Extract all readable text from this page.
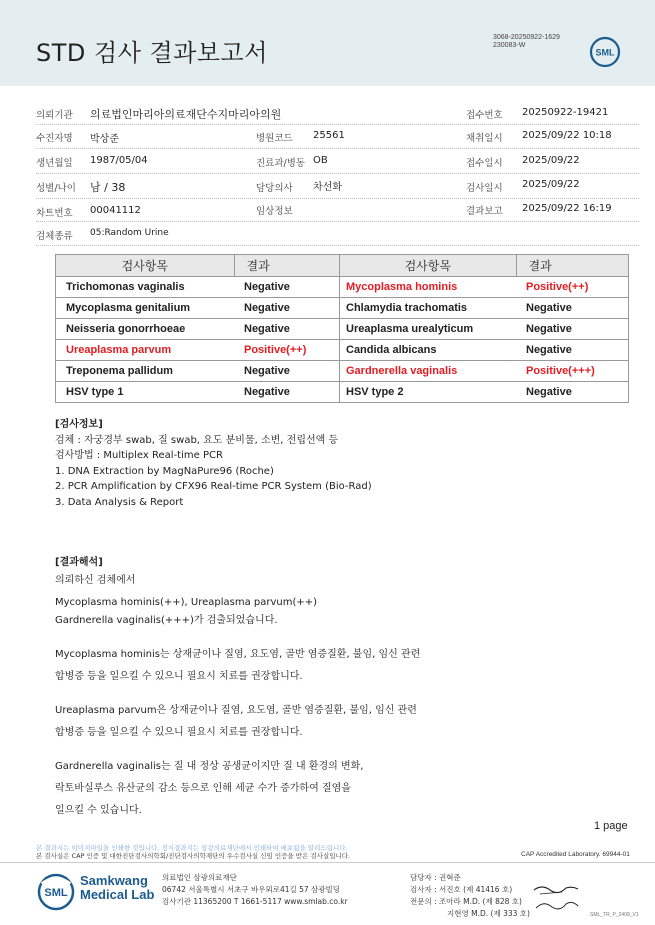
STD 검사 결과보고서
3068-20250922-1629
230083-W
SML
의뢰기관 의료법인마리아의료재단수지마리아의원	접수번호 20250922-19421
수진자명 박상준	병원코드 25561	채취일시 2025/09/22 10:18
생년월일 1987/05/04	진료과/병동 OB	접수일시 2025/09/22
성별/나이 남 / 38	담당의사 차선화	검사일시 2025/09/22
차트번호 00041112	임상정보	결과보고 2025/09/22 16:19
검체종류 05:Random Urine
검사항목	결과	검사항목	결과
Trichomonas vaginalis	Negative	Mycoplasma hominis	Positive(++)
Mycoplasma genitalium	Negative	Chlamydia trachomatis	Negative
Neisseria gonorrhoeae	Negative	Ureaplasma urealyticum	Negative
Ureaplasma parvum	Positive(++)	Candida albicans	Negative
Treponema pallidum	Negative	Gardnerella vaginalis	Positive(+++)
HSV type 1	Negative	HSV type 2	Negative
[검사정보]
검체 : 자궁경부 swab, 질 swab, 요도 분비물, 소변, 전립선액 등
검사방법 : Multiplex Real-time PCR
1. DNA Extraction by MagNaPure96 (Roche)
2. PCR Amplification by CFX96 Real-time PCR System (Bio-Rad)
3. Data Analysis & Report
[결과해석]
의뢰하신 검체에서
Mycoplasma hominis(++), Ureaplasma parvum(++)
Gardnerella vaginalis(+++)가 검출되었습니다.
Mycoplasma hominis는 상재균이나 질염, 요도염, 골반 염증질환, 불임, 임신 관련
합병증 등을 일으킬 수 있으니 필요시 치료를 권장합니다.
Ureaplasma parvum은 상재균이나 질염, 요도염, 골반 염증질환, 불임, 임신 관련
합병증 등을 일으킬 수 있으니 필요시 치료를 권장합니다.
Gardnerella vaginalis는 질 내 정상 공생균이지만 질 내 환경의 변화,
락토바실루스 유산균의 감소 등으로 인해 세균 수가 증가하여 질염을
일으킬 수 있습니다.
1 page
본 결과지는 이미지파일을 인쇄한 것입니다. 정식결과지는 삼광의료재단에서 인쇄하여 배포됨을 알려드립니다.
본 검사실은 CAP 인증 및 대한진단검사의학회/진단검사의학재단의 우수검사실 신임 인증을 받은 검사실입니다.	CAP Accredited Laboratory. 69944-01
SML
Samkwang
Medical Lab
의료법인 삼광의료재단
06742 서울특별시 서초구 바우뫼로41길 57 삼광빌딩
검사기관 11365200 T 1661-5117 www.smlab.co.kr
담당자 : 권혁준
검사자 : 서진호 (제 41416 호)
전문의 : 조아라 M.D. (제 828 호)
지현영 M.D. (제 333 호)	SML_TR_P_2408_V1
